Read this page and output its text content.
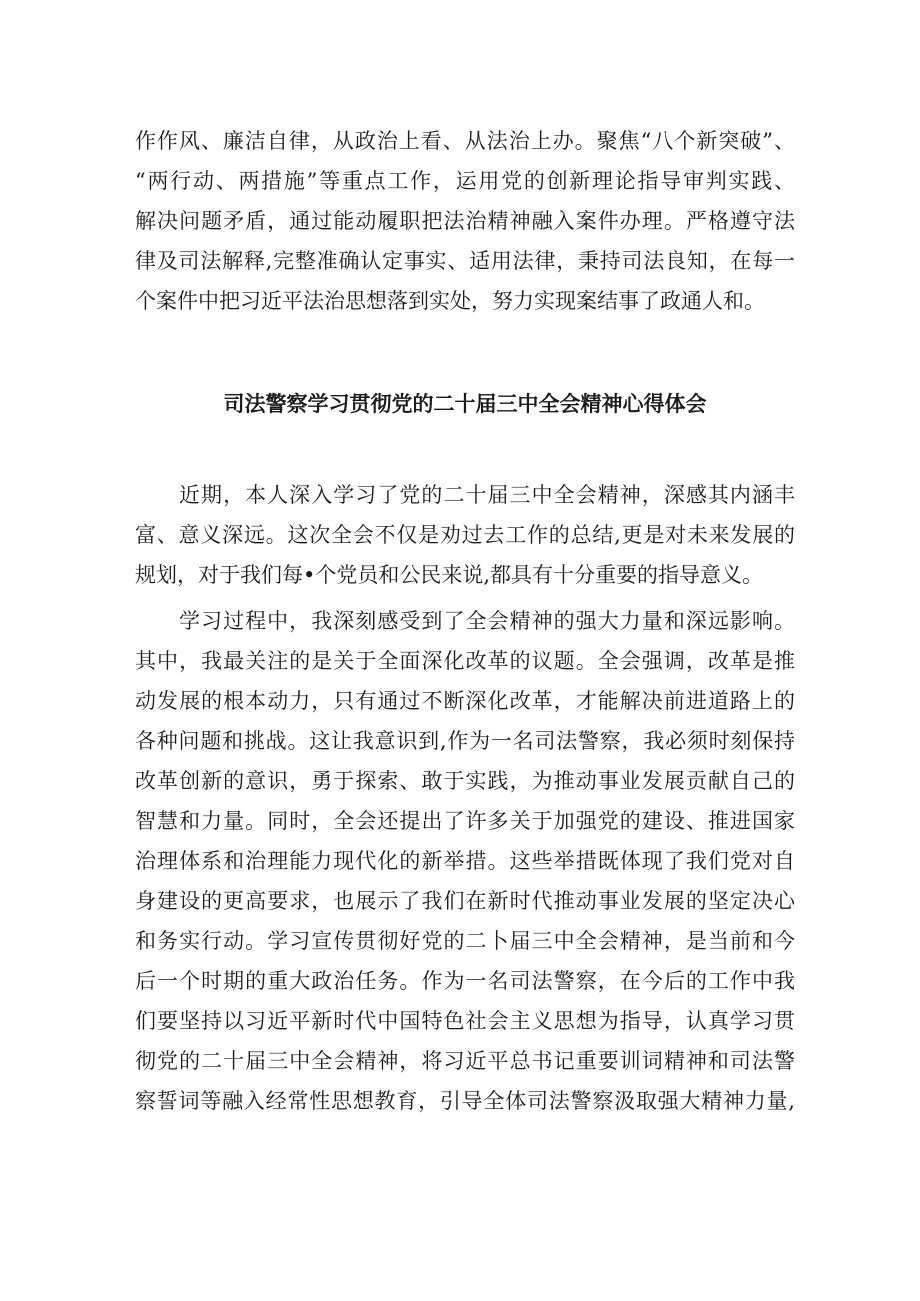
作作风、廉洁自律，从政治上看、从法治上办。聚焦“八个新突破”、
“两行动、两措施”等重点工作，运用党的创新理论指导审判实践、
解决问题矛盾，通过能动履职把法治精神融入案件办理。严格遵守法
律及司法解释,完整准确认定事实、适用法律，秉持司法良知，在每一
个案件中把习近平法治思想落到实处，努力实现案结事了政通人和。
司法警察学习贯彻党的二十届三中全会精神心得体会
近期，本人深入学习了党的二十届三中全会精神，深感其内涵丰
富、意义深远。这次全会不仅是劝过去工作的总结,更是对未来发展的
规划，对于我们每•个党员和公民来说,都具有十分重要的指导意义。
学习过程中，我深刻感受到了全会精神的强大力量和深远影响。
其中，我最关注的是关于全面深化改革的议题。全会强调，改革是推
动发展的根本动力，只有通过不断深化改革，才能解决前进道路上的
各种问题和挑战。这让我意识到,作为一名司法警察，我必须时刻保持
改革创新的意识，勇于探索、敢于实践，为推动事业发展贡献自己的
智慧和力量。同时，全会还提出了许多关于加强党的建设、推进国家
治理体系和治理能力现代化的新举措。这些举措既体现了我们党对自
身建设的更高要求，也展示了我们在新时代推动事业发展的坚定决心
和务实行动。学习宣传贯彻好党的二卜届三中全会精神，是当前和今
后一个时期的重大政治任务。作为一名司法警察，在今后的工作中我
们要坚持以习近平新时代中国特色社会主义思想为指导，认真学习贯
彻党的二十届三中全会精神，将习近平总书记重要训词精神和司法警
察誓词等融入经常性思想教育，引导全体司法警察汲取强大精神力量,
